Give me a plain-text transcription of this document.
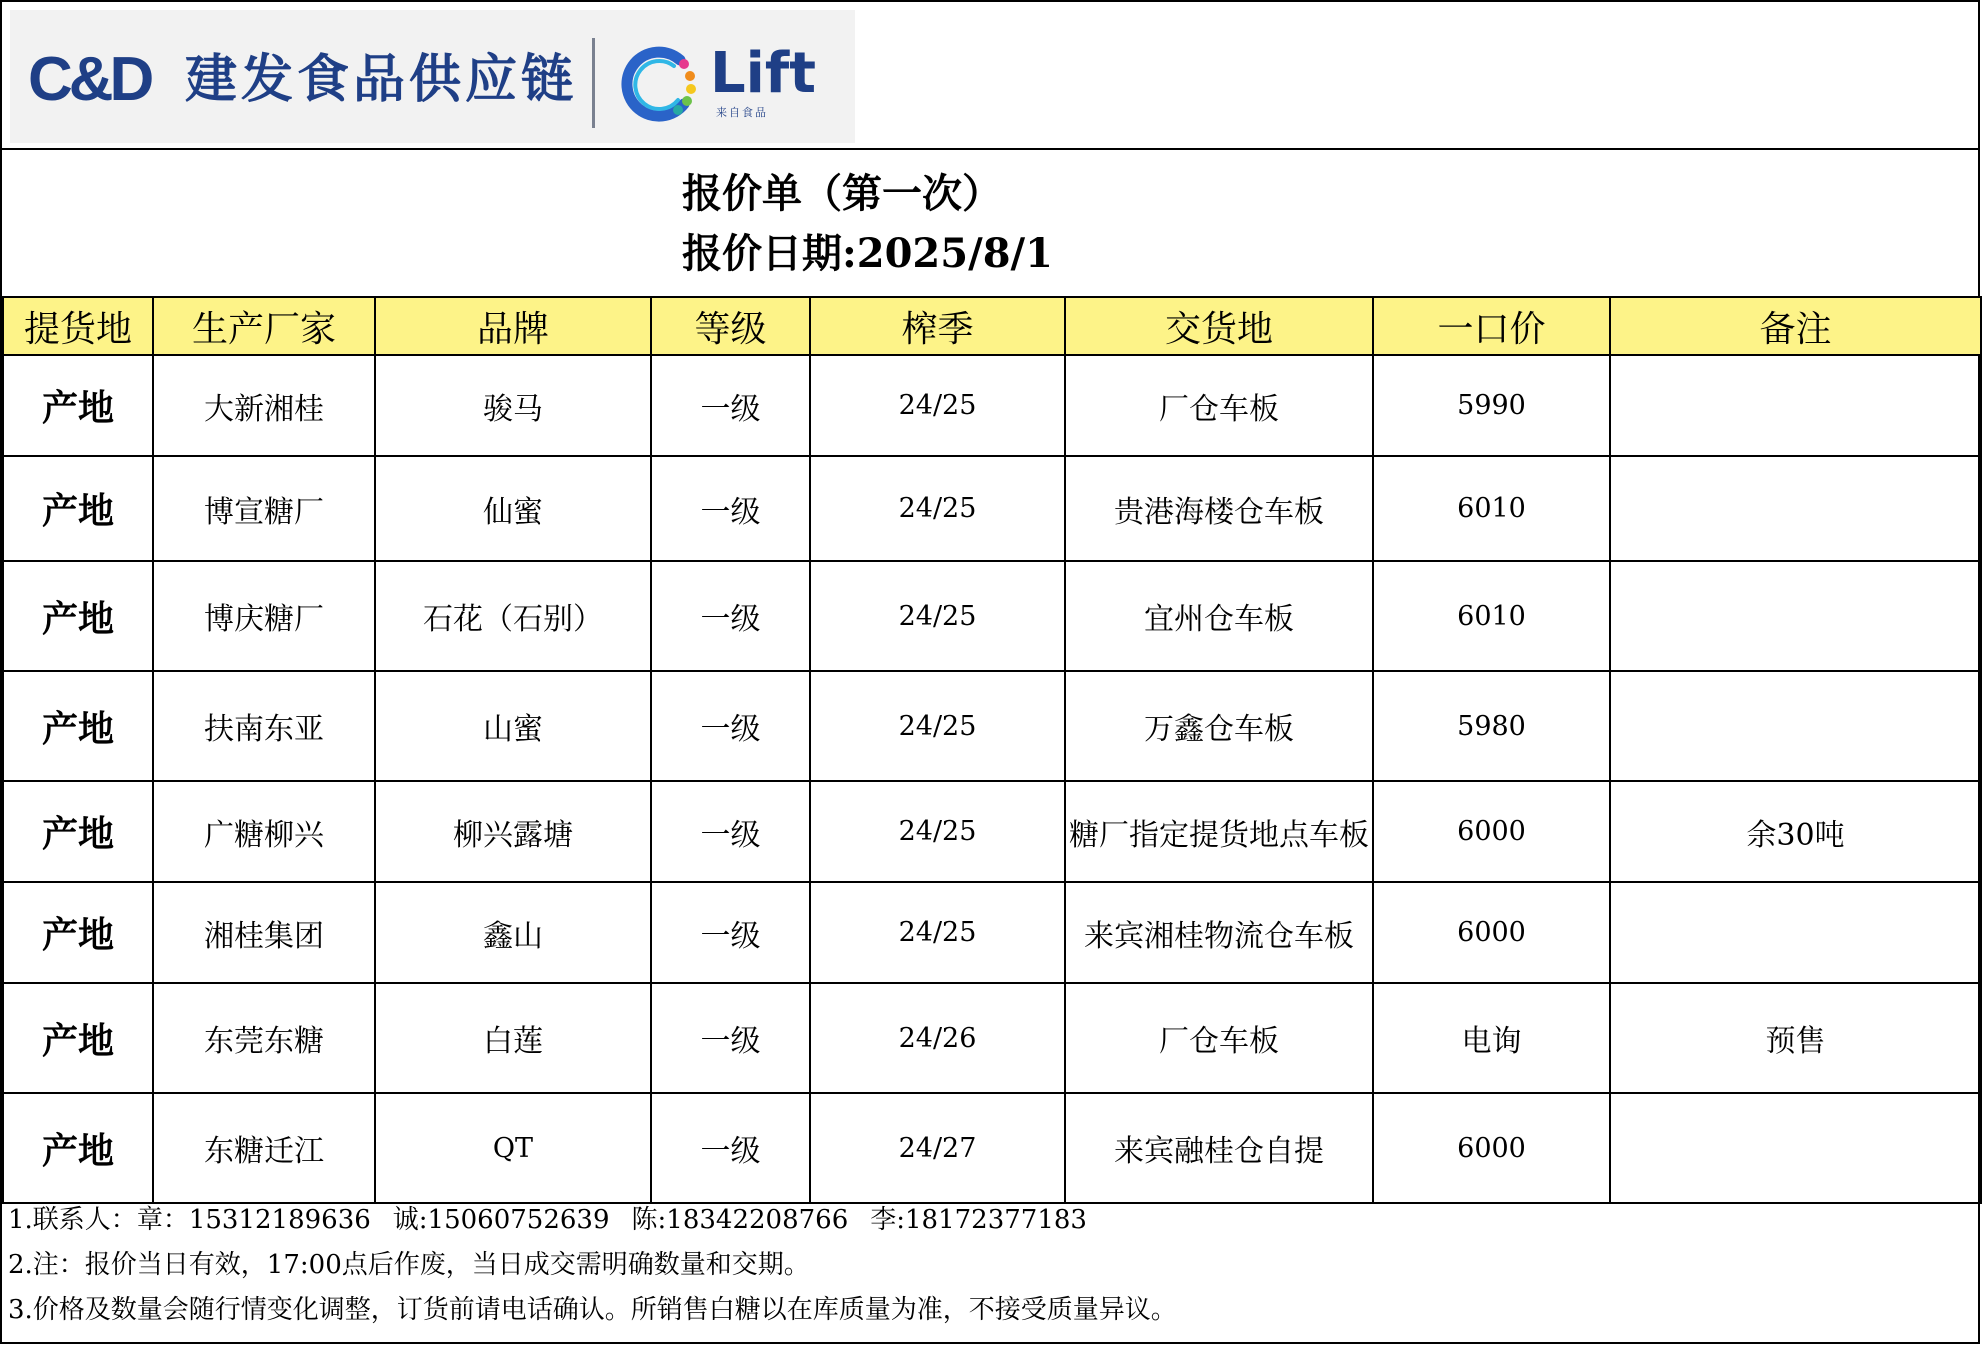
C&D 建发食品供应链 Lift
来自食品
报价单（第一次）
报价日期:2025/8/1
提货地	生产厂家	品牌	等级	榨季	交货地	一口价	备注
产地	大新湘桂	骏马	一级	24/25	厂仓车板	5990	
产地	博宣糖厂	仙蜜	一级	24/25	贵港海楼仓车板	6010	
产地	博庆糖厂	石花（石别）	一级	24/25	宜州仓车板	6010	
产地	扶南东亚	山蜜	一级	24/25	万鑫仓车板	5980	
产地	广糖柳兴	柳兴露塘	一级	24/25	糖厂指定提货地点车板	6000	余30吨
产地	湘桂集团	鑫山	一级	24/25	来宾湘桂物流仓车板	6000	
产地	东莞东糖	白莲	一级	24/26	厂仓车板	电询	预售
产地	东糖迁江	QT	一级	24/27	来宾融桂仓自提	6000	
1.联系人：章：15312189636 诚:15060752639 陈:18342208766 李:18172377183
2.注：报价当日有效，17:00点后作废，当日成交需明确数量和交期。
3.价格及数量会随行情变化调整，订货前请电话确认。所销售白糖以在库质量为准，不接受质量异议。
